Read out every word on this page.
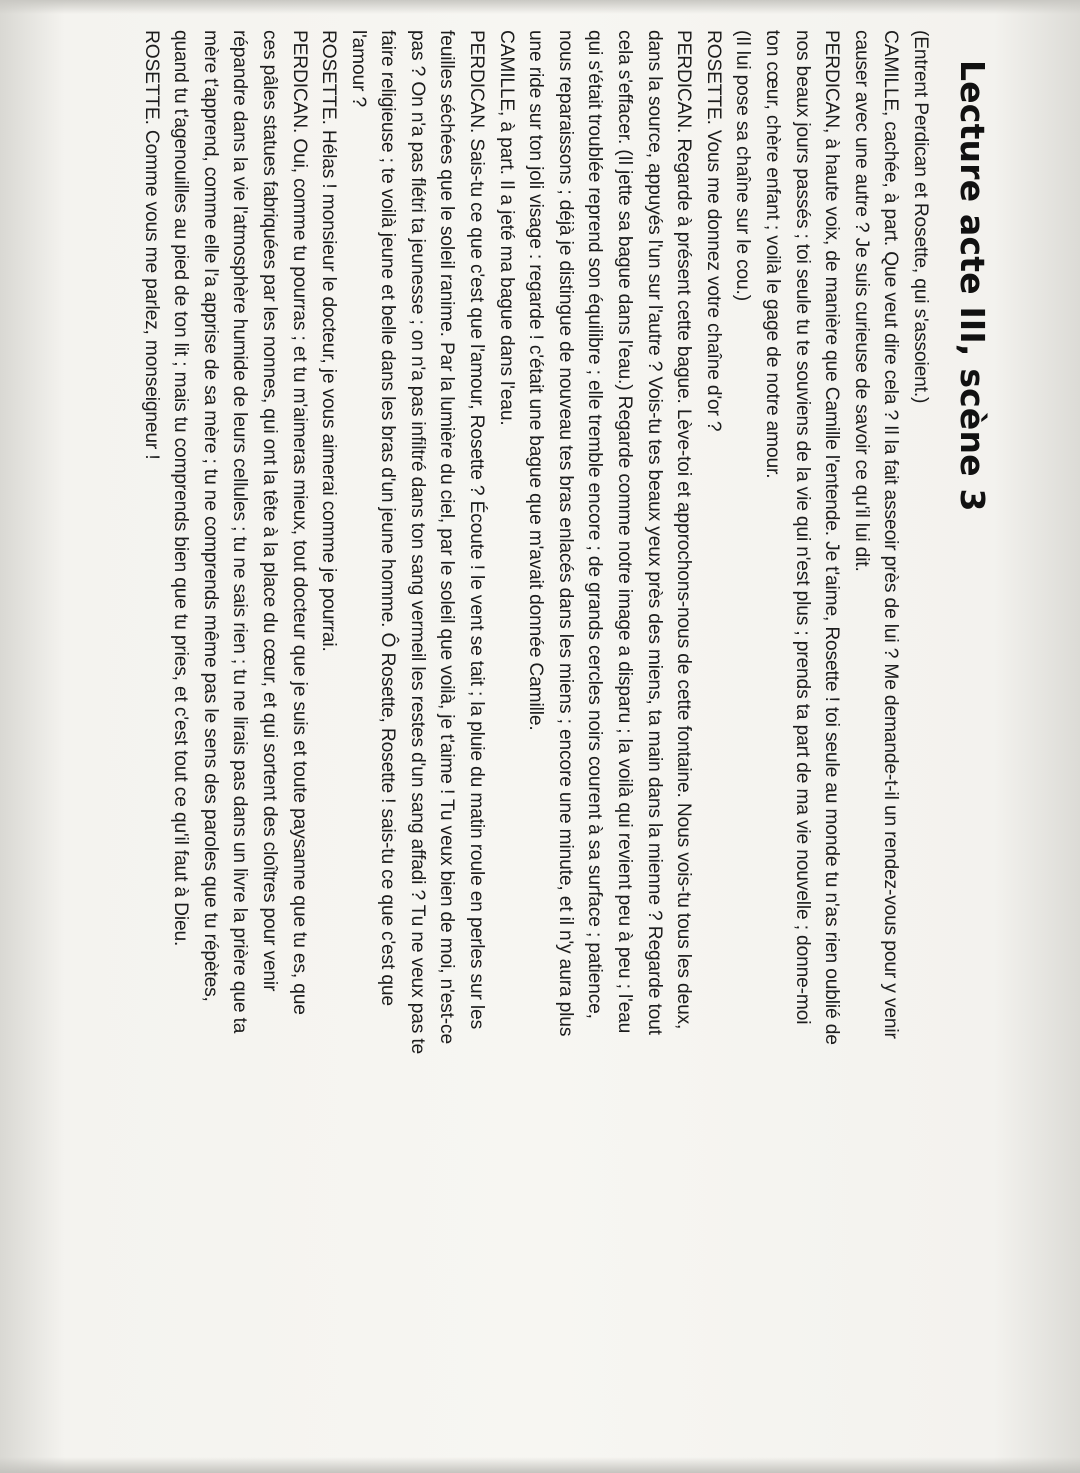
Lecture acte III, scène 3
(Entrent Perdican et Rosette, qui s'assoient.)
CAMILLE, cachée, à part. Que veut dire cela ? Il la fait asseoir près de lui ? Me demande-t-il un rendez-vous pour y venir
causer avec une autre ? Je suis curieuse de savoir ce qu'il lui dit.
PERDICAN, à haute voix, de manière que Camille l'entende. Je t'aime, Rosette ! toi seule au monde tu n'as rien oublié de
nos beaux jours passés ; toi seule tu te souviens de la vie qui n'est plus ; prends ta part de ma vie nouvelle ; donne-moi
ton cœur, chère enfant ; voilà le gage de notre amour.
(Il lui pose sa chaîne sur le cou.)
ROSETTE. Vous me donnez votre chaîne d'or ?
PERDICAN. Regarde à présent cette bague. Lève-toi et approchons-nous de cette fontaine. Nous vois-tu tous les deux,
dans la source, appuyés l'un sur l'autre ? Vois-tu tes beaux yeux près des miens, ta main dans la mienne ? Regarde tout
cela s'effacer. (Il jette sa bague dans l'eau.) Regarde comme notre image a disparu ; la voilà qui revient peu à peu ; l'eau
qui s'était troublée reprend son équilibre ; elle tremble encore ; de grands cercles noirs courent à sa surface ; patience,
nous reparaissons ; déjà je distingue de nouveau tes bras enlacés dans les miens ; encore une minute, et il n'y aura plus
une ride sur ton joli visage : regarde ! c'était une bague que m'avait donnée Camille.
CAMILLE, à part. Il a jeté ma bague dans l'eau.
PERDICAN. Sais-tu ce que c'est que l'amour, Rosette ? Écoute ! le vent se tait ; la pluie du matin roule en perles sur les
feuilles séchées que le soleil ranime. Par la lumière du ciel, par le soleil que voilà, je t'aime ! Tu veux bien de moi, n'est-ce
pas ? On n'a pas flétri ta jeunesse ; on n'a pas infiltré dans ton sang vermeil les restes d'un sang affadi ? Tu ne veux pas te
faire religieuse ; te voilà jeune et belle dans les bras d'un jeune homme. Ô Rosette, Rosette ! sais-tu ce que c'est que
l'amour ?
ROSETTE. Hélas ! monsieur le docteur, je vous aimerai comme je pourrai.
PERDICAN. Oui, comme tu pourras ; et tu m'aimeras mieux, tout docteur que je suis et toute paysanne que tu es, que
ces pâles statues fabriquées par les nonnes, qui ont la tête à la place du cœur, et qui sortent des cloîtres pour venir
répandre dans la vie l'atmosphère humide de leurs cellules ; tu ne sais rien ; tu ne lirais pas dans un livre la prière que ta
mère t'apprend, comme elle l'a apprise de sa mère ; tu ne comprends même pas le sens des paroles que tu répètes,
quand tu t'agenouilles au pied de ton lit ; mais tu comprends bien que tu pries, et c'est tout ce qu'il faut à Dieu.
ROSETTE. Comme vous me parlez, monseigneur !
